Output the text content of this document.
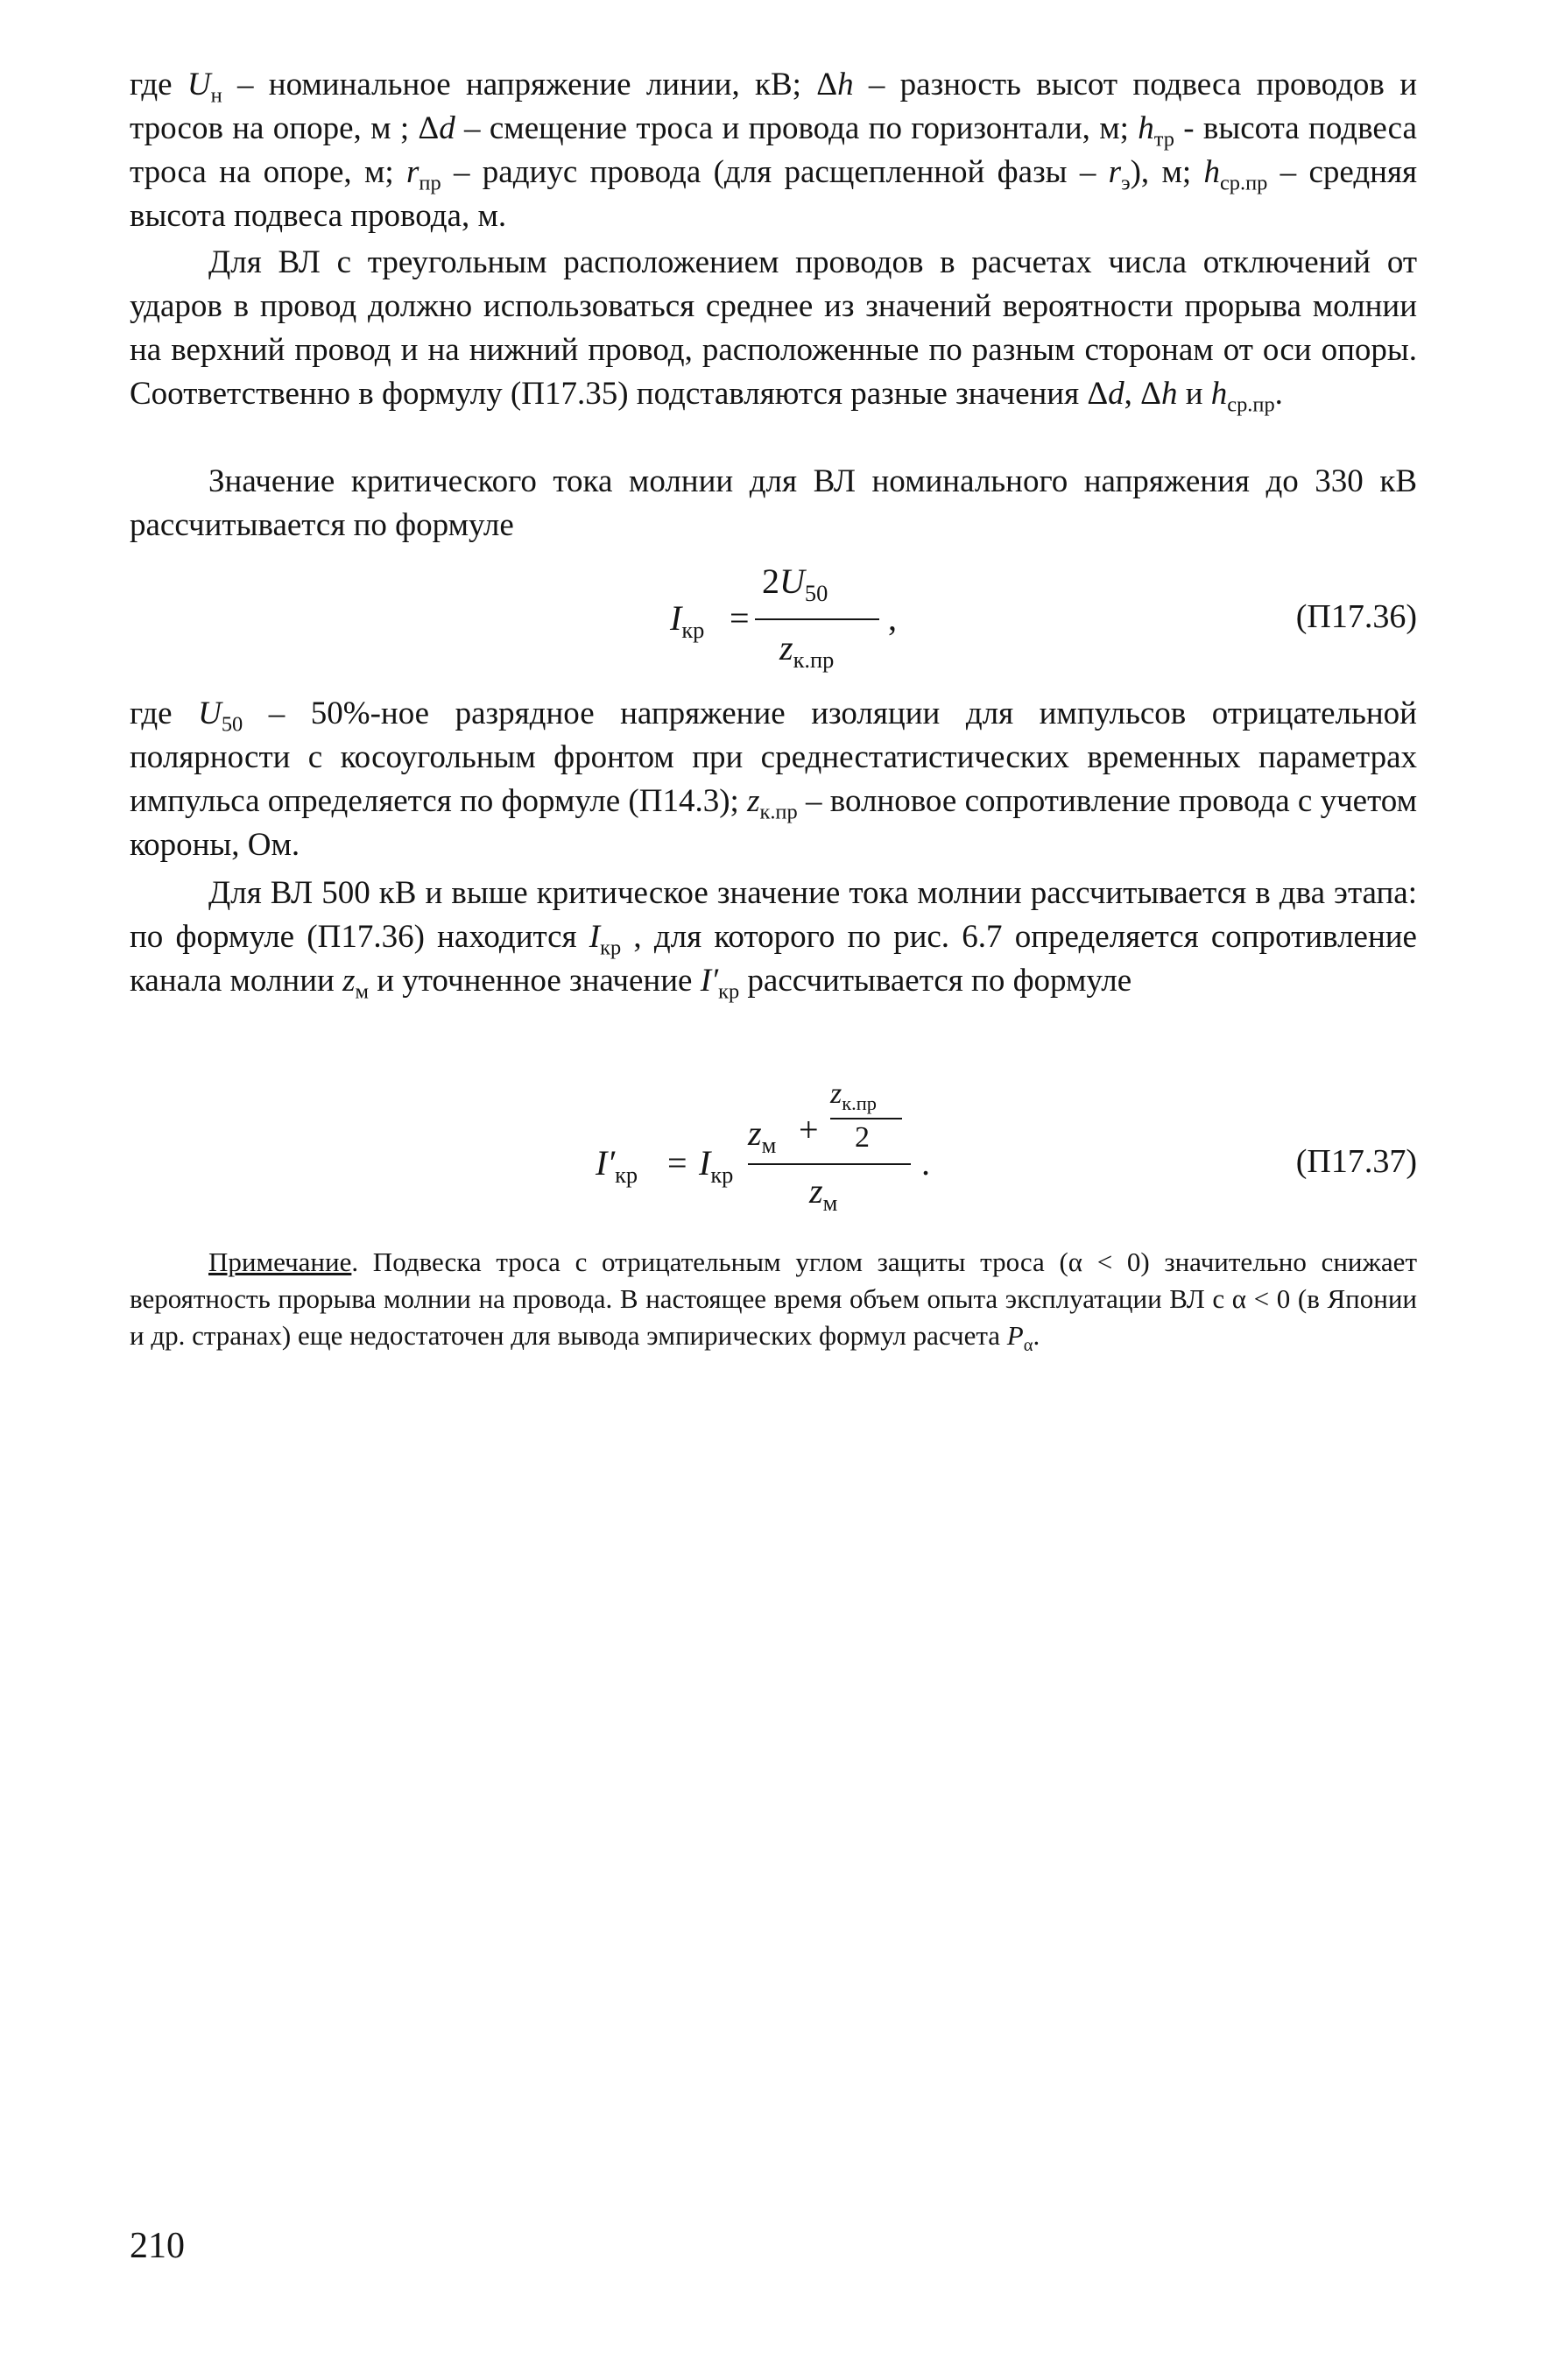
где $U_н$ – номинальное напряжение линии, кВ; Δh – разность высот подвеса проводов и тросов на опоре, м ; Δd – смещение троса и провода по горизонтали, м; $h_{тр}$ - высота подвеса троса на опоре, м; $r_{пр}$ – радиус провода (для расщепленной фазы – $r_э$), м; $h_{ср.пр}$ – средняя высота подвеса провода, м.
Для ВЛ с треугольным расположением проводов в расчетах числа отключений от ударов в провод должно использоваться среднее из значений вероятности прорыва молнии на верхний провод и на нижний провод, расположенные по разным сторонам от оси опоры. Соответственно в формулу (П17.35) подставляются разные значения Δd, Δh и $h_{ср.пр}$.
Значение критического тока молнии для ВЛ номинального напряжения до 330 кВ рассчитывается по формуле
$I_{кр}$ =
$2U_{50}$
$z_{к.пр}$
,	(П17.36)
где $U_{50} - 50\%-ное$ разрядное напряжение изоляции для импульсов отрицательной полярности с косоугольным фронтом при среднестатистических временных параметрах импульса определяется по формуле (П14.3); $z_{к.пр}$ – волновое сопротивление провода с учетом короны, Ом.
Для ВЛ 500 кВ и выше критическое значение тока молнии рассчитывается в два этапа: по формуле (П17.36) находится $I_{кр}$ , для которого по рис. 6.7 определяется сопротивление канала молнии $z_м$ и уточненное значение $I'_{кр}$ рассчитывается по формуле
$I'_{кр} = I_{кр}$
$z_м$ +
$z_{к.пр}$
2
$z_м$
.	(П17.37)
Примечание. Подвеска троса с отрицательным углом защиты троса (α < 0) значительно снижает вероятность прорыва молнии на провода. В настоящее время объем опыта эксплуатации ВЛ с α < 0 (в Японии и др. странах) еще недостаточен для вывода эмпирических формул расчета $P_\alpha$.
210
